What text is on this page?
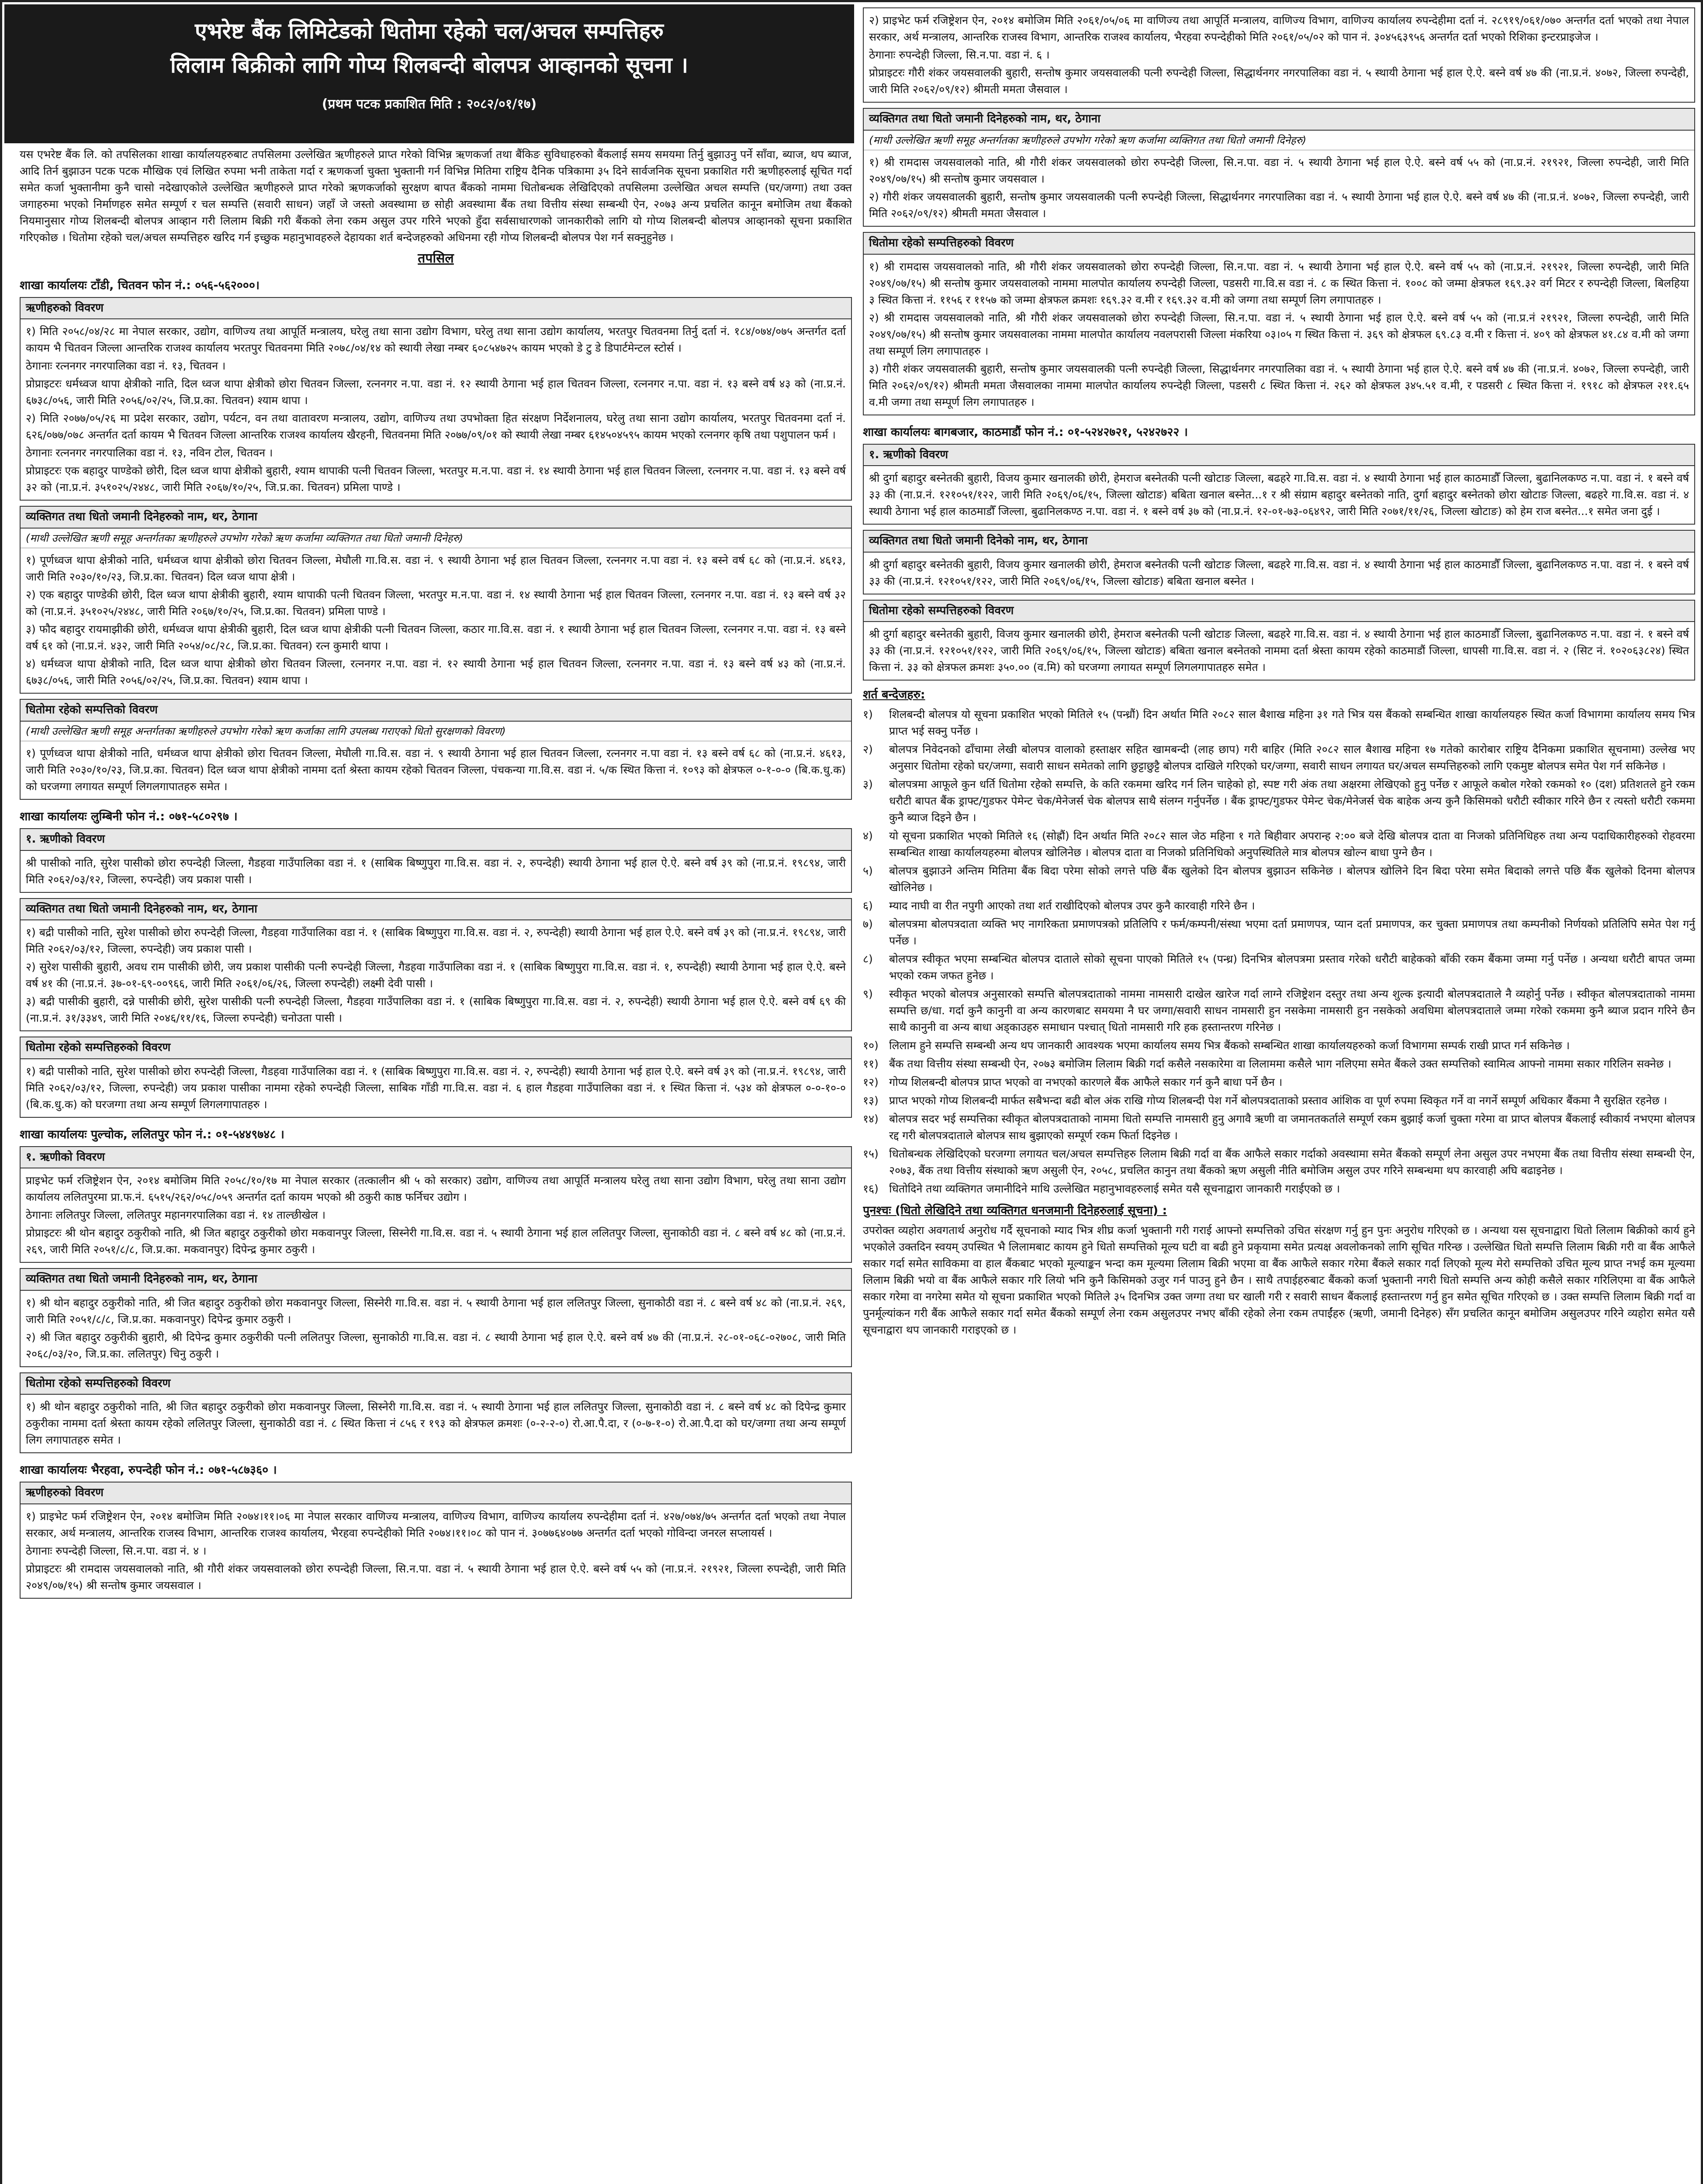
एभरेष्ट बैंक लिमिटेडको धितोमा रहेको चल/अचल सम्पत्तिहरु
लिलाम बिक्रीको लागि गोप्य शिलबन्दी बोलपत्र आव्हानको सूचना ।
(प्रथम पटक प्रकाशित मिति : २०८२/०१/१७)

यस एभरेष्ट बैंक लि. को तपसिलका शाखा कार्यालयहरुबाट तपसिलमा उल्लेखित ऋणीहरुले प्राप्त गरेको विभिन्न ऋणकर्जा तथा बैंकिङ सुविधाहरुको बैंकलाई समय समयमा तिर्नु बुझाउनु पर्ने साँवा, ब्याज, थप ब्याज, आदि तिर्न बुझाउन पटक पटक मौखिक एवं लिखित रुपमा भनी ताकेता गर्दा र ऋणकर्जा चुक्ता भुक्तानी गर्न विभिन्न मितिमा राष्ट्रिय दैनिक पत्रिकामा ३५ दिने सार्वजनिक सूचना प्रकाशित गरी ऋणीहरुलाई सूचित गर्दा समेत कर्जा भुक्तानीमा कुनै चासो नदेखाएकोले उल्लेखित ऋणीहरुले प्राप्त गरेको ऋणकर्जाको सुरक्षण बापत बैंकको नाममा धितोबन्धक लेखिदिएको तपसिलमा उल्लेखित अचल सम्पत्ति (घर/जग्गा) तथा उक्त जगाहरुमा भएको निर्माणहरु समेत सम्पूर्ण र चल सम्पत्ति (सवारी साधन) जहाँ जे जस्तो अवस्थामा छ सोही अवस्थामा बैंक तथा वित्तीय संस्था सम्बन्धी ऐन, २०७३ अन्य प्रचलित कानून बमोजिम तथा बैंकको नियमानुसार गोप्य शिलबन्दी बोलपत्र आव्हान गरी लिलाम बिक्री गरी बैंकको लेना रकम असुल उपर गरिने भएको हुँदा सर्वसाधारणको जानकारीको लागि यो गोप्य शिलबन्दी बोलपत्र आव्हानको सूचना प्रकाशित गरिएकोछ । धितोमा रहेको चल/अचल सम्पत्तिहरु खरिद गर्न इच्छुक महानुभावहरुले देहायका शर्त बन्देजहरुको अधिनमा रही गोप्य शिलबन्दी बोलपत्र पेश गर्न सक्नुहुनेछ ।

तपसिल
शाखा कार्यालयः टाँडी, चितवन फोन नं.: ०५६-५६२०००।
ऋणीहरुको विवरण

१) मिति २०५८/०४/२८ मा नेपाल सरकार, उद्योग, वाणिज्य तथा आपूर्ति मन्त्रालय, घरेलु तथा साना उद्योग विभाग, घरेलु तथा साना उद्योग कार्यालय, भरतपुर चितवनमा तिर्नु दर्ता नं. १८४/०७४/०७५ अन्तर्गत दर्ता कायम भै चितवन जिल्ला आन्तरिक राजश्व कार्यालय भरतपुर चितवनमा मिति २०७८/०४/१४ को स्थायी लेखा नम्बर ६०८५४७२५ कायम भएको डे टु डे डिपार्टमेन्टल स्टोर्स ।

ठेगानाः रत्ननगर नगरपालिका वडा नं. १३, चितवन ।

प्रोप्राइटरः धर्मध्वज थापा क्षेत्रीको नाति, दिल ध्वज थापा क्षेत्रीको छोरा चितवन जिल्ला, रत्ननगर न.पा. वडा नं. १२ स्थायी ठेगाना भई हाल चितवन जिल्ला, रत्ननगर न.पा. वडा नं. १३ बस्ने वर्ष ४३ को (ना.प्र.नं. ६७३८/०५६, जारी मिति २०५६/०२/२५, जि.प्र.का. चितवन) श्याम थापा ।

२) मिति २०७७/०५/२६ मा प्रदेश सरकार, उद्योग, पर्यटन, वन तथा वातावरण मन्त्रालय, उद्योग, वाणिज्य तथा उपभोक्ता हित संरक्षण निर्देशनालय, घरेलु तथा साना उद्योग कार्यालय, भरतपुर चितवनमा दर्ता नं. ६२६/०७७/०७८ अन्तर्गत दर्ता कायम भै चितवन जिल्ला आन्तरिक राजश्व कार्यालय खैरहनी, चितवनमा मिति २०७७/०९/०१ को स्थायी लेखा नम्बर ६१४५०४५९५ कायम भएको रत्ननगर कृषि तथा पशुपालन फर्म ।

ठेगानाः रत्ननगर नगरपालिका वडा नं. १३, नविन टोल, चितवन ।

प्रोप्राइटरः एक बहादुर पाण्डेको छोरी, दिल ध्वज थापा क्षेत्रीको बुहारी, श्याम थापाकी पत्नी चितवन जिल्ला, भरतपुर म.न.पा. वडा नं. १४ स्थायी ठेगाना भई हाल चितवन जिल्ला, रत्ननगर न.पा. वडा नं. १३ बस्ने वर्ष ३२ को (ना.प्र.नं. ३५१०२५/२४४८, जारी मिति २०६७/१०/२५, जि.प्र.का. चितवन) प्रमिला पाण्डे ।

व्यक्तिगत तथा धितो जमानी दिनेहरुको नाम, थर, ठेगाना
(माथी उल्लेखित ऋणी समूह अन्तर्गतका ऋणीहरुले उपभोग गरेको ऋण कर्जामा व्यक्तिगत तथा धितो जमानी दिनेहरु)

१) पूर्णध्वज थापा क्षेत्रीको नाति, धर्मध्वज थापा क्षेत्रीको छोरा चितवन जिल्ला, मेघौली गा.वि.स. वडा नं. ९ स्थायी ठेगाना भई हाल चितवन जिल्ला, रत्ननगर न.पा वडा नं. १३ बस्ने वर्ष ६८ को (ना.प्र.नं. ४६१३, जारी मिति २०३०/१०/२३, जि.प्र.का. चितवन) दिल ध्वज थापा क्षेत्री ।

२) एक बहादुर पाण्डेकी छोरी, दिल ध्वज थापा क्षेत्रीकी बुहारी, श्याम थापाकी पत्नी चितवन जिल्ला, भरतपुर म.न.पा. वडा नं. १४ स्थायी ठेगाना भई हाल चितवन जिल्ला, रत्ननगर न.पा. वडा नं. १३ बस्ने वर्ष ३२ को (ना.प्र.नं. ३५१०२५/२४४८, जारी मिति २०६७/१०/२५, जि.प्र.का. चितवन) प्रमिला पाण्डे ।

३) फौद बहादुर रायमाझीकी छोरी, धर्मध्वज थापा क्षेत्रीकी बुहारी, दिल ध्वज थापा क्षेत्रीकी पत्नी चितवन जिल्ला, कठार गा.वि.स. वडा नं. १ स्थायी ठेगाना भई हाल चितवन जिल्ला, रत्ननगर न.पा. वडा नं. १३ बस्ने वर्ष ६१ को (ना.प्र.नं. ४३२, जारी मिति २०५४/०८/२८, जि.प्र.का. चितवन) रत्न कुमारी थापा ।

४) धर्मध्वज थापा क्षेत्रीको नाति, दिल ध्वज थापा क्षेत्रीको छोरा चितवन जिल्ला, रत्ननगर न.पा. वडा नं. १२ स्थायी ठेगाना भई हाल चितवन जिल्ला, रत्ननगर न.पा. वडा नं. १३ बस्ने वर्ष ४३ को (ना.प्र.नं. ६७३८/०५६, जारी मिति २०५६/०२/२५, जि.प्र.का. चितवन) श्याम थापा ।

धितोमा रहेको सम्पत्तिको विवरण
(माथी उल्लेखित ऋणी समूह अन्तर्गतका ऋणीहरुले उपभोग गरेको ऋण कर्जाका लागि उपलब्ध गराएको धितो सुरक्षणको विवरण)

१) पूर्णध्वज थापा क्षेत्रीको नाति, धर्मध्वज थापा क्षेत्रीको छोरा चितवन जिल्ला, मेघौली गा.वि.स. वडा नं. ९ स्थायी ठेगाना भई हाल चितवन जिल्ला, रत्ननगर न.पा वडा नं. १३ बस्ने वर्ष ६८ को (ना.प्र.नं. ४६१३, जारी मिति २०३०/१०/२३, जि.प्र.का. चितवन) दिल ध्वज थापा क्षेत्रीको नाममा दर्ता श्रेस्ता कायम रहेको चितवन जिल्ला, पंचकन्या गा.वि.स. वडा नं. ५/क स्थित कित्ता नं. १०९३ को क्षेत्रफल ०-१-०-० (बि.क.धु.क) को घरजग्गा लगायत सम्पूर्ण लिगलगापातहरु समेत ।

शाखा कार्यालयः लुम्बिनी फोन नं.: ०७१-५८०२९७ ।
१. ऋणीको विवरण

श्री पासीको नाति, सुरेश पासीको छोरा रुपन्देही जिल्ला, गैडहवा गाउँपालिका वडा नं. १ (साबिक बिष्णुपुरा गा.वि.स. वडा नं. २, रुपन्देही) स्थायी ठेगाना भई हाल ऐ.ऐ. बस्ने वर्ष ३९ को (ना.प्र.नं. १९८९४, जारी मिति २०६२/०३/१२, जिल्ला, रुपन्देही) जय प्रकाश पासी ।

व्यक्तिगत तथा धितो जमानी दिनेहरुको नाम, थर, ठेगाना

१) बद्री पासीको नाति, सुरेश पासीको छोरा रुपन्देही जिल्ला, गैडहवा गाउँपालिका वडा नं. १ (साबिक बिष्णुपुरा गा.वि.स. वडा नं. २, रुपन्देही) स्थायी ठेगाना भई हाल ऐ.ऐ. बस्ने वर्ष ३९ को (ना.प्र.नं. १९८९४, जारी मिति २०६२/०३/१२, जिल्ला, रुपन्देही) जय प्रकाश पासी ।

२) सुरेश पासीकी बुहारी, अवध राम पासीकी छोरी, जय प्रकाश पासीकी पत्नी रुपन्देही जिल्ला, गैडहवा गाउँपालिका वडा नं. १ (साबिक बिष्णुपुरा गा.वि.स. वडा नं. १, रुपन्देही) स्थायी ठेगाना भई हाल ऐ.ऐ. बस्ने वर्ष ४१ की (ना.प्र.नं. ३७-०१-६९-००९६६, जारी मिति २०६१/०६/२६, जिल्ला रुपन्देही) लक्ष्मी देवी पासी ।

३) बद्री पासीकी बुहारी, दन्ने पासीकी छोरी, सुरेश पासीकी पत्नी रुपन्देही जिल्ला, गैडहवा गाउँपालिका वडा नं. १ (साबिक बिष्णुपुरा गा.वि.स. वडा नं. २, रुपन्देही) स्थायी ठेगाना भई हाल ऐ.ऐ. बस्ने वर्ष ६९ की (ना.प्र.नं. ३१/३३४९, जारी मिति २०४६/११/१६, जिल्ला रुपन्देही) चनोउता पासी ।

धितोमा रहेको सम्पत्तिहरुको विवरण

१) बद्री पासीको नाति, सुरेश पासीको छोरा रुपन्देही जिल्ला, गैडहवा गाउँपालिका वडा नं. १ (साबिक बिष्णुपुरा गा.वि.स. वडा नं. २, रुपन्देही) स्थायी ठेगाना भई हाल ऐ.ऐ. बस्ने वर्ष ३९ को (ना.प्र.नं. १९८९४, जारी मिति २०६२/०३/१२, जिल्ला, रुपन्देही) जय प्रकाश पासीका नाममा रहेको रुपन्देही जिल्ला, साबिक गाँडी गा.वि.स. वडा नं. ६ हाल गैडहवा गाउँपालिका वडा नं. १ स्थित कित्ता नं. ५३४ को क्षेत्रफल ०-०-१०-० (बि.क.धु.क) को घरजग्गा तथा अन्य सम्पूर्ण लिगलगापातहरु ।

शाखा कार्यालयः पुल्चोक, ललितपुर फोन नं.: ०१-५४४९७४८ ।
१. ऋणीको विवरण

प्राइभेट फर्म रजिष्ट्रेशन ऐन, २०१४ बमोजिम मिति २०५८/१०/१७ मा नेपाल सरकार (तत्कालीन श्री ५ को सरकार) उद्योग, वाणिज्य तथा आपूर्ति मन्त्रालय घरेलु तथा साना उद्योग विभाग, घरेलु तथा साना उद्योग कार्यालय ललितपुरमा प्रा.फ.नं. ६५१५/२६२/०५८/०५९ अन्तर्गत दर्ता कायम भएको श्री ठकुरी काष्ठ फर्निचर उद्योग ।

ठेगानाः ललितपुर जिल्ला, ललितपुर महानगरपालिका वडा नं. १४ ताल्छीखेल ।

प्रोप्राइटरः श्री थोन बहादुर ठकुरीको नाति, श्री जित बहादुर ठकुरीको छोरा मकवानपुर जिल्ला, सिस्नेरी गा.वि.स. वडा नं. ५ स्थायी ठेगाना भई हाल ललितपुर जिल्ला, सुनाकोठी वडा नं. ८ बस्ने वर्ष ४८ को (ना.प्र.नं. २६९, जारी मिति २०५१/८/८, जि.प्र.का. मकवानपुर) दिपेन्द्र कुमार ठकुरी ।

व्यक्तिगत तथा धितो जमानी दिनेहरुको नाम, थर, ठेगाना

१) श्री थोन बहादुर ठकुरीको नाति, श्री जित बहादुर ठकुरीको छोरा मकवानपुर जिल्ला, सिस्नेरी गा.वि.स. वडा नं. ५ स्थायी ठेगाना भई हाल ललितपुर जिल्ला, सुनाकोठी वडा नं. ८ बस्ने वर्ष ४८ को (ना.प्र.नं. २६९, जारी मिति २०५१/८/८, जि.प्र.का. मकवानपुर) दिपेन्द्र कुमार ठकुरी ।

२) श्री जित बहादुर ठकुरीकी बुहारी, श्री दिपेन्द्र कुमार ठकुरीकी पत्नी ललितपुर जिल्ला, सुनाकोठी गा.वि.स. वडा नं. ८ स्थायी ठेगाना भई हाल ऐ.ऐ. बस्ने वर्ष ४७ की (ना.प्र.नं. २८-०१-०६८-०२७०८, जारी मिति २०६८/०३/२०, जि.प्र.का. ललितपुर) चिनु ठकुरी ।

धितोमा रहेको सम्पत्तिहरुको विवरण

१) श्री थोन बहादुर ठकुरीको नाति, श्री जित बहादुर ठकुरीको छोरा मकवानपुर जिल्ला, सिस्नेरी गा.वि.स. वडा नं. ५ स्थायी ठेगाना भई हाल ललितपुर जिल्ला, सुनाकोठी वडा नं. ८ बस्ने वर्ष ४८ को दिपेन्द्र कुमार ठकुरीका नाममा दर्ता श्रेस्ता कायम रहेको ललितपुर जिल्ला, सुनाकोठी वडा नं. ८ स्थित कित्ता नं ८५६ र १९३ को क्षेत्रफल क्रमशः (०-२-२-०) रो.आ.पै.दा, र (०-७-१-०) रो.आ.पै.दा को घर/जग्गा तथा अन्य सम्पूर्ण लिग लगापातहरु समेत ।

शाखा कार्यालयः भैरहवा, रुपन्देही फोन नं.: ०७१-५८७३६० ।
ऋणीहरुको विवरण

१) प्राइभेट फर्म रजिष्ट्रेशन ऐन, २०१४ बमोजिम मिति २०७४।११।०६ मा नेपाल सरकार वाणिज्य मन्त्रालय, वाणिज्य विभाग, वाणिज्य कार्यालय रुपन्देहीमा दर्ता नं. ४२७/०७४/७५ अन्तर्गत दर्ता भएको तथा नेपाल सरकार, अर्थ मन्त्रालय, आन्तरिक राजस्व विभाग, आन्तरिक राजश्व कार्यालय, भैरहवा रुपन्देहीको मिति २०७४।११।०८ को पान नं. ३०७७६४०७७ अन्तर्गत दर्ता भएको गोविन्दा जनरल सप्लायर्स ।

ठेगानाः रुपन्देही जिल्ला, सि.न.पा. वडा नं. ४ ।

प्रोप्राइटरः श्री रामदास जयसवालको नाति, श्री गौरी शंकर जयसवालको छोरा रुपन्देही जिल्ला, सि.न.पा. वडा नं. ५ स्थायी ठेगाना भई हाल ऐ.ऐ. बस्ने वर्ष ५५ को (ना.प्र.नं. २१९२१, जिल्ला रुपन्देही, जारी मिति २०४९/०७/१५) श्री सन्तोष कुमार जयसवाल ।

२) प्राइभेट फर्म रजिष्ट्रेशन ऐन, २०१४ बमोजिम मिति २०६१/०५/०६ मा वाणिज्य तथा आपूर्ति मन्त्रालय, वाणिज्य विभाग, वाणिज्य कार्यालय रुपन्देहीमा दर्ता नं. २८९१९/०६१/०७० अन्तर्गत दर्ता भएको तथा नेपाल सरकार, अर्थ मन्त्रालय, आन्तरिक राजस्व विभाग, आन्तरिक राजश्व कार्यालय, भैरहवा रुपन्देहीको मिति २०६१/०५/०२ को पान नं. ३०४५६३९५६ अन्तर्गत दर्ता भएको रिशिका इन्टरप्राइजेज ।

ठेगानाः रुपन्देही जिल्ला, सि.न.पा. वडा नं. ६ ।

प्रोप्राइटरः गौरी शंकर जयसवालकी बुहारी, सन्तोष कुमार जयसवालकी पत्नी रुपन्देही जिल्ला, सिद्धार्थनगर नगरपालिका वडा नं. ५ स्थायी ठेगाना भई हाल ऐ.ऐ. बस्ने वर्ष ४७ की (ना.प्र.नं. ४०७२, जिल्ला रुपन्देही, जारी मिति २०६२/०९/१२) श्रीमती ममता जैसवाल ।

व्यक्तिगत तथा धितो जमानी दिनेहरुको नाम, थर, ठेगाना
(माथी उल्लेखित ऋणी समूह अन्तर्गतका ऋणीहरुले उपभोग गरेको ऋण कर्जामा व्यक्तिगत तथा धितो जमानी दिनेहरु)

१) श्री रामदास जयसवालको नाति, श्री गौरी शंकर जयसवालको छोरा रुपन्देही जिल्ला, सि.न.पा. वडा नं. ५ स्थायी ठेगाना भई हाल ऐ.ऐ. बस्ने वर्ष ५५ को (ना.प्र.नं. २१९२१, जिल्ला रुपन्देही, जारी मिति २०४९/०७/१५) श्री सन्तोष कुमार जयसवाल ।

२) गौरी शंकर जयसवालकी बुहारी, सन्तोष कुमार जयसवालकी पत्नी रुपन्देही जिल्ला, सिद्धार्थनगर नगरपालिका वडा नं. ५ स्थायी ठेगाना भई हाल ऐ.ऐ. बस्ने वर्ष ४७ की (ना.प्र.नं. ४०७२, जिल्ला रुपन्देही, जारी मिति २०६२/०९/१२) श्रीमती ममता जैसवाल ।

धितोमा रहेको सम्पत्तिहरुको विवरण

१) श्री रामदास जयसवालको नाति, श्री गौरी शंकर जयसवालको छोरा रुपन्देही जिल्ला, सि.न.पा. वडा नं. ५ स्थायी ठेगाना भई हाल ऐ.ऐ. बस्ने वर्ष ५५ को (ना.प्र.नं. २१९२१, जिल्ला रुपन्देही, जारी मिति २०४९/०७/१५) श्री सन्तोष कुमार जयसवालको नाममा मालपोत कार्यालय रुपन्देही जिल्ला, पडसरी गा.वि.स वडा नं. ८ क स्थित कित्ता नं. १००८ को जम्मा क्षेत्रफल १६९.३२ वर्ग मिटर र रुपन्देही जिल्ला, बिलहिया ३ स्थित कित्ता नं. ११५६ र ११५७ को जम्मा क्षेत्रफल क्रमशः १६९.३२ व.मी र १६९.३२ व.मी को जग्गा तथा सम्पूर्ण लिग लगापातहरु ।

२) श्री रामदास जयसवालको नाति, श्री गौरी शंकर जयसवालको छोरा रुपन्देही जिल्ला, सि.न.पा. वडा नं. ५ स्थायी ठेगाना भई हाल ऐ.ऐ. बस्ने वर्ष ५५ को (ना.प्र.नं २१९२१, जिल्ला रुपन्देही, जारी मिति २०४९/०७/१५) श्री सन्तोष कुमार जयसवालका नाममा मालपोत कार्यालय नवलपरासी जिल्ला मंकरिया ०३।०५ ग स्थित कित्ता नं. ३६९ को क्षेत्रफल ६९.८३ व.मी र कित्ता नं. ४०९ को क्षेत्रफल ४१.८४ व.मी को जग्गा तथा सम्पूर्ण लिग लगापातहरु ।

३) गौरी शंकर जयसवालकी बुहारी, सन्तोष कुमार जयसवालकी पत्नी रुपन्देही जिल्ला, सिद्धार्थनगर नगरपालिका वडा नं. ५ स्थायी ठेगाना भई हाल ऐ.ऐ. बस्ने वर्ष ४७ की (ना.प्र.नं. ४०७२, जिल्ला रुपन्देही, जारी मिति २०६२/०९/१२) श्रीमती ममता जैसवालका नाममा मालपोत कार्यालय रुपन्देही जिल्ला, पडसरी ८ स्थित कित्ता नं. २६२ को क्षेत्रफल ३४५.५१ व.मी, र पडसरी ८ स्थित कित्ता नं. १९१८ को क्षेत्रफल २११.६५ व.मी जग्गा तथा सम्पूर्ण लिग लगापातहरु ।

शाखा कार्यालयः बागबजार, काठमाडौं फोन नं.: ०१-५२४२७२१, ५२४२७२२ ।
१. ऋणीको विवरण

श्री दुर्गा बहादुर बस्नेतकी बुहारी, विजय कुमार खनालकी छोरी, हेमराज बस्नेतकी पत्नी खोटाङ जिल्ला, बढहरे गा.वि.स. वडा नं. ४ स्थायी ठेगाना भई हाल काठमाडौँ जिल्ला, बुढानिलकण्ठ न.पा. वडा नं. १ बस्ने वर्ष ३३ की (ना.प्र.नं. १२१०५१/१२२, जारी मिति २०६९/०६/१५, जिल्ला खोटाङ) बबिता खनाल बस्नेत...१ र श्री संग्राम बहादुर बस्नेतको नाति, दुर्गा बहादुर बस्नेतको छोरा खोटाङ जिल्ला, बढहरे गा.वि.स. वडा नं. ४ स्थायी ठेगाना भई हाल काठमाडौँ जिल्ला, बुढानिलकण्ठ न.पा. वडा नं. १ बस्ने वर्ष ३७ को (ना.प्र.नं. १२-०१-७३-०६४९२, जारी मिति २०७१/११/२६, जिल्ला खोटाङ) को हेम राज बस्नेत...१ समेत जना दुई ।

व्यक्तिगत तथा धितो जमानी दिनेको नाम, थर, ठेगाना

श्री दुर्गा बहादुर बस्नेतकी बुहारी, विजय कुमार खनालकी छोरी, हेमराज बस्नेतकी पत्नी खोटाङ जिल्ला, बढहरे गा.वि.स. वडा नं. ४ स्थायी ठेगाना भई हाल काठमाडौँ जिल्ला, बुढानिलकण्ठ न.पा. वडा नं. १ बस्ने वर्ष ३३ की (ना.प्र.नं. १२१०५१/१२२, जारी मिति २०६९/०६/१५, जिल्ला खोटाङ) बबिता खनाल बस्नेत ।

धितोमा रहेको सम्पत्तिहरुको विवरण

श्री दुर्गा बहादुर बस्नेतकी बुहारी, विजय कुमार खनालकी छोरी, हेमराज बस्नेतकी पत्नी खोटाङ जिल्ला, बढहरे गा.वि.स. वडा नं. ४ स्थायी ठेगाना भई हाल काठमाडौँ जिल्ला, बुढानिलकण्ठ न.पा. वडा नं. १ बस्ने वर्ष ३३ की (ना.प्र.नं. १२१०५१/१२२, जारी मिति २०६९/०६/१५, जिल्ला खोटाङ) बबिता खनाल बस्नेतको नाममा दर्ता श्रेस्ता कायम रहेको काठमाडौं जिल्ला, धापसी गा.वि.स. वडा नं. २ (सिट नं. १०२०६३८२४) स्थित कित्ता नं. ३३ को क्षेत्रफल क्रमशः ३५०.०० (व.मि) को घरजग्गा लगायत सम्पूर्ण लिगलगापातहरु समेत ।

शर्त बन्देजहरु:
१)	शिलबन्दी बोलपत्र यो सूचना प्रकाशित भएको मितिले १५ (पन्ध्रौं) दिन अर्थात मिति २०८२ साल बैशाख महिना ३१ गते भित्र यस बैंकको सम्बन्धित शाखा कार्यालयहरु स्थित कर्जा विभागमा कार्यालय समय भित्र प्राप्त भई सक्नु पर्नेछ ।
२)	बोलपत्र निवेदनको ढाँचामा लेखी बोलपत्र वालाको हस्ताक्षर सहित खामबन्दी (लाह छाप) गरी बाहिर (मिति २०८२ साल बैशाख महिना १७ गतेको कारोबार राष्ट्रिय दैनिकमा प्रकाशित सूचनामा) उल्लेख भए अनुसार धितोमा रहेको घर/जग्गा, सवारी साधन समेतको लागि छुट्टाछुट्टै बोलपत्र दाखिले गरिएको घर/जग्गा, सवारी साधन लगायत घर/अचल सम्पत्तिहरुको लागि एकमुष्ट बोलपत्र समेत पेश गर्न सकिनेछ ।
३)	बोलपत्रमा आफूले कुन धर्ति धितोमा रहेको सम्पत्ति, के कति रकममा खरिद गर्न लिन चाहेको हो, स्पष्ट गरी अंक तथा अक्षरमा लेखिएको हुनु पर्नेछ र आफूले कबोल गरेको रकमको १० (दश) प्रतिशतले हुने रकम धरौटी बापत बैंक ड्राफ्ट/गुडफर पेमेन्ट चेक/मेनेजर्स चेक बोलपत्र साथै संलग्न गर्नुपर्नेछ । बैंक ड्राफ्ट/गुडफर पेमेन्ट चेक/मेनेजर्स चेक बाहेक अन्य कुनै किसिमको धरौटी स्वीकार गरिने छैन र त्यस्तो धरौटी रकममा कुनै ब्याज दिइने छैन ।
४)	यो सूचना प्रकाशित भएको मितिले १६ (सोह्रौं) दिन अर्थात मिति २०८२ साल जेठ महिना १ गते बिहीवार अपरान्ह २:०० बजे देखि बोलपत्र दाता वा निजको प्रतिनिधिहरु तथा अन्य पदाधिकारीहरुको रोहवरमा सम्बन्धित शाखा कार्यालयहरुमा बोलपत्र खोलिनेछ । बोलपत्र दाता वा निजको प्रतिनिधिको अनुपस्थितिले मात्र बोलपत्र खोल्न बाधा पुग्ने छैन ।
५)	बोलपत्र बुझाउने अन्तिम मितिमा बैंक बिदा परेमा सोको लगत्ते पछि बैंक खुलेको दिन बोलपत्र बुझाउन सकिनेछ । बोलपत्र खोलिने दिन बिदा परेमा समेत बिदाको लगत्ते पछि बैंक खुलेको दिनमा बोलपत्र खोलिनेछ ।
६)	म्याद नाघी वा रीत नपुगी आएको तथा शर्त राखीदिएको बोलपत्र उपर कुनै कारवाही गरिने छैन ।
७)	बोलपत्रमा बोलपत्रदाता व्यक्ति भए नागरिकता प्रमाणपत्रको प्रतिलिपि र फर्म/कम्पनी/संस्था भएमा दर्ता प्रमाणपत्र, प्यान दर्ता प्रमाणपत्र, कर चुक्ता प्रमाणपत्र तथा कम्पनीको निर्णयको प्रतिलिपि समेत पेश गर्नु पर्नेछ ।
८)	बोलपत्र स्वीकृत भएमा सम्बन्धित बोलपत्र दाताले सोको सूचना पाएको मितिले १५ (पन्ध्र) दिनभित्र बोलपत्रमा प्रस्ताव गरेको धरौटी बाहेकको बाँकी रकम बैंकमा जम्मा गर्नु पर्नेछ । अन्यथा धरौटी बापत जम्मा भएको रकम जफत हुनेछ ।
९)	स्वीकृत भएको बोलपत्र अनुसारको सम्पत्ति बोलपत्रदाताको नाममा नामसारी दाखेल खारेज गर्दा लाग्ने रजिष्ट्रेशन दस्तुर तथा अन्य शुल्क इत्यादी बोलपत्रदाताले नै व्यहोर्नु पर्नेछ । स्वीकृत बोलपत्रदाताको नाममा सम्पत्ति छ/धा. गर्दा कुनै कानुनी वा अन्य कारणबाट समयमा नै घर जग्गा/सवारी साधन नामसारी हुन नसकेमा नामसारी हुन नसकेको अवधिमा बोलपत्रदाताले जम्मा गरेको रकममा कुनै ब्याज प्रदान गरिने छैन साथै कानुनी वा अन्य बाधा अड्काउहरु समाधान पश्चात् धितो नामसारी गरि हक हस्तान्तरण गरिनेछ ।
१०) लिलाम हुने सम्पत्ति सम्बन्धी अन्य थप जानकारी आवश्यक भएमा कार्यालय समय भित्र बैंकको सम्बन्धित शाखा कार्यालयहरुको कर्जा विभागमा सम्पर्क राखी प्राप्त गर्न सकिनेछ ।
११) बैंक तथा वित्तीय संस्था सम्बन्धी ऐन, २०७३ बमोजिम लिलाम बिक्री गर्दा कसैले नसकारेमा वा लिलाममा कसैले भाग नलिएमा समेत बैंकले उक्त सम्पत्तिको स्वामित्व आफ्नो नाममा सकार गरिलिन सक्नेछ ।
१२) गोप्य शिलबन्दी बोलपत्र प्राप्त भएको वा नभएको कारणले बैंक आफैले सकार गर्न कुनै बाधा पर्ने छैन ।
१३) प्राप्त भएको गोप्य शिलबन्दी मार्फत सबैभन्दा बढी बोल अंक राखि गोप्य शिलबन्दी पेश गर्ने बोलपत्रदाताको प्रस्ताव आंशिक वा पूर्ण रुपमा स्विकृत गर्ने वा नगर्ने सम्पूर्ण अधिकार बैंकमा नै सुरक्षित रहनेछ ।
१४) बोलपत्र सदर भई सम्पत्तिका स्वीकृत बोलपत्रदाताको नाममा धितो सम्पत्ति नामसारी हुनु अगावै ऋणी वा जमानतकर्ताले सम्पूर्ण रकम बुझाई कर्जा चुक्ता गरेमा वा प्राप्त बोलपत्र बैंकलाई स्वीकार्य नभएमा बोलपत्र रद्द गरी बोलपत्रदाताले बोलपत्र साथ बुझाएको सम्पूर्ण रकम फिर्ता दिइनेछ ।
१५) धितोबन्धक लेखिदिएको घरजग्गा लगायत चल/अचल सम्पत्तिहरु लिलाम बिक्री गर्दा वा बैंक आफैले सकार गर्दाको अवस्थामा समेत बैंकको सम्पूर्ण लेना असुल उपर नभएमा बैंक तथा वित्तीय संस्था सम्बन्धी ऐन, २०७३, बैंक तथा वित्तीय संस्थाको ऋण असुली ऐन, २०५८, प्रचलित कानुन तथा बैंकको ऋण असुली नीति बमोजिम असुल उपर गरिने सम्बन्धमा थप कारवाही अघि बढाइनेछ ।
१६) धितोदिने तथा व्यक्तिगत जमानीदिने माथि उल्लेखित महानुभावहरुलाई समेत यसै सूचनाद्वारा जानकारी गराईएको छ ।
पुनश्चः (धितो लेखिदिने तथा व्यक्तिगत धनजमानी दिनेहरुलाई सूचना) :

उपरोक्त व्यहोरा अवगतार्थ अनुरोध गर्दै सूचनाको म्याद भित्र शीघ्र कर्जा भुक्तानी गरी गराई आफ्नो सम्पत्तिको उचित संरक्षण गर्नु हुन पुनः अनुरोध गरिएको छ । अन्यथा यस सूचनाद्वारा धितो लिलाम बिक्रीको कार्य हुने भएकोले उक्तदिन स्वयम् उपस्थित भै लिलामबाट कायम हुने धितो सम्पत्तिको मूल्य घटी वा बढी हुने प्रकृयामा समेत प्रत्यक्ष अवलोकनको लागि सूचित गरिन्छ । उल्लेखित धितो सम्पत्ति लिलाम बिक्री गरी वा बैंक आफैले सकार गर्दा समेत साविकमा वा हाल बैंकबाट भएको मूल्याङ्कन भन्दा कम मूल्यमा लिलाम बिक्री भएमा वा बैंक आफैले सकार गरेमा बैंकले सकार गर्दा लिएको मूल्य मेरो सम्पत्तिको उचित मूल्य प्राप्त नभई कम मूल्यमा लिलाम बिक्री भयो वा बैंक आफैले सकार गरि लियो भनि कुनै किसिमको उजुर गर्न पाउनु हुने छैन । साथै तपाईहरुबाट बैंकको कर्जा भुक्तानी नगरी धितो सम्पत्ति अन्य कोही कसैले सकार गरिलिएमा वा बैंक आफैले सकार गरेमा वा नगरेमा समेत यो सूचना प्रकाशित भएको मितिले ३५ दिनभित्र उक्त जग्गा तथा घर खाली गरी र सवारी साधन बैंकलाई हस्तान्तरण गर्नु हुन समेत सूचित गरिएको छ । उक्त सम्पत्ति लिलाम बिक्री गर्दा वा पुनर्मूल्यांकन गरी बैंक आफैले सकार गर्दा समेत बैंकको सम्पूर्ण लेना रकम असुलउपर नभए बाँकी रहेको लेना रकम तपाईंहरु (ऋणी, जमानी दिनेहरु) सँग प्रचलित कानून बमोजिम असुलउपर गरिने व्यहोरा समेत यसै सूचनाद्वारा थप जानकारी गराइएको छ ।
